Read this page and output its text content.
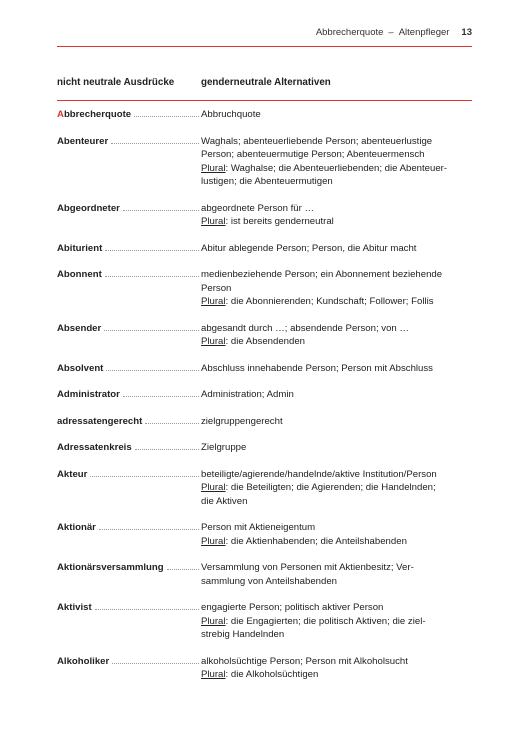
Abbrecherquote – Altenpfleger 13
nicht neutrale Ausdrücke	genderneutrale Alternativen
Abbrecherquote	Abbruchquote
Abenteurer	Waghals; abenteuerliebende Person; abenteuerlustige
Person; abenteuermutige Person; Abenteuermensch
Plural: Waghalse; die Abenteuerliebenden; die Abenteuer-
lustigen; die Abenteuermutigen
Abgeordneter	abgeordnete Person für …
Plural: ist bereits genderneutral
Abiturient	Abitur ablegende Person; Person, die Abitur macht
Abonnent	medienbeziehende Person; ein Abonnement beziehende
Person
Plural: die Abonnierenden; Kundschaft; Follower; Follis
Absender	abgesandt durch …; absendende Person; von …
Plural: die Absendenden
Absolvent	Abschluss innehabende Person; Person mit Abschluss
Administrator	Administration; Admin
adressatengerecht	zielgruppengerecht
Adressatenkreis	Zielgruppe
Akteur	beteiligte/agierende/handelnde/aktive Institution/Person
Plural: die Beteiligten; die Agierenden; die Handelnden;
die Aktiven
Aktionär	Person mit Aktieneigentum
Plural: die Aktienhabenden; die Anteilshabenden
Aktionärsversammlung	Versammlung von Personen mit Aktienbesitz; Ver-
sammlung von Anteilshabenden
Aktivist	engagierte Person; politisch aktiver Person
Plural: die Engagierten; die politisch Aktiven; die ziel-
strebig Handelnden
Alkoholiker	alkoholsüchtige Person; Person mit Alkoholsucht
Plural: die Alkoholsüchtigen
